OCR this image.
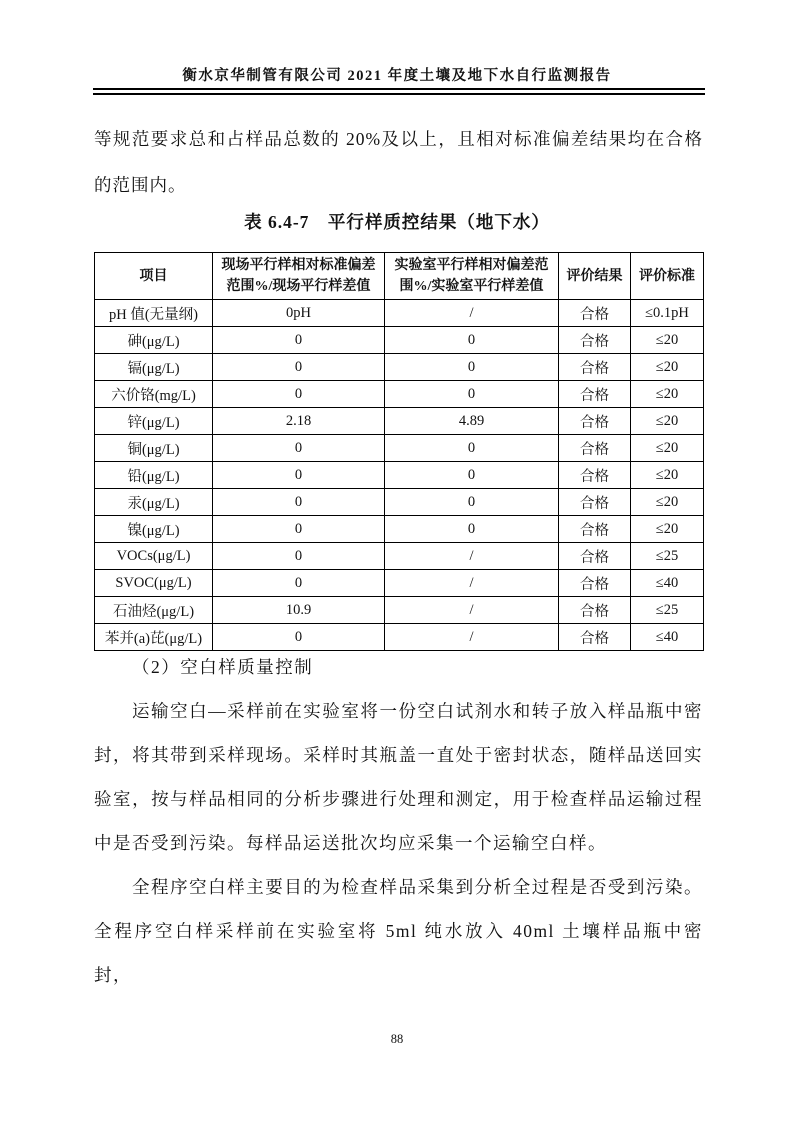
衡水京华制管有限公司 2021 年度土壤及地下水自行监测报告
等规范要求总和占样品总数的 20%及以上，且相对标准偏差结果均在合格的范围内。
表 6.4-7　平行样质控结果（地下水）
项目	现场平行样相对标准偏差范围%/现场平行样差值	实验室平行样相对偏差范围%/实验室平行样差值	评价结果	评价标准
pH 值(无量纲)	0pH	/	合格	≤0.1pH
砷(μg/L)	0	0	合格	≤20
镉(μg/L)	0	0	合格	≤20
六价铬(mg/L)	0	0	合格	≤20
锌(μg/L)	2.18	4.89	合格	≤20
铜(μg/L)	0	0	合格	≤20
铅(μg/L)	0	0	合格	≤20
汞(μg/L)	0	0	合格	≤20
镍(μg/L)	0	0	合格	≤20
VOCs(μg/L)	0	/	合格	≤25
SVOC(μg/L)	0	/	合格	≤40
石油烃(μg/L)	10.9	/	合格	≤25
苯并(a)芘(μg/L)	0	/	合格	≤40

（2）空白样质量控制

运输空白—采样前在实验室将一份空白试剂水和转子放入样品瓶中密封，将其带到采样现场。采样时其瓶盖一直处于密封状态，随样品送回实验室，按与样品相同的分析步骤进行处理和测定，用于检查样品运输过程中是否受到污染。每样品运送批次均应采集一个运输空白样。

全程序空白样主要目的为检查样品采集到分析全过程是否受到污染。全程序空白样采样前在实验室将 5ml 纯水放入 40ml 土壤样品瓶中密封，

88
